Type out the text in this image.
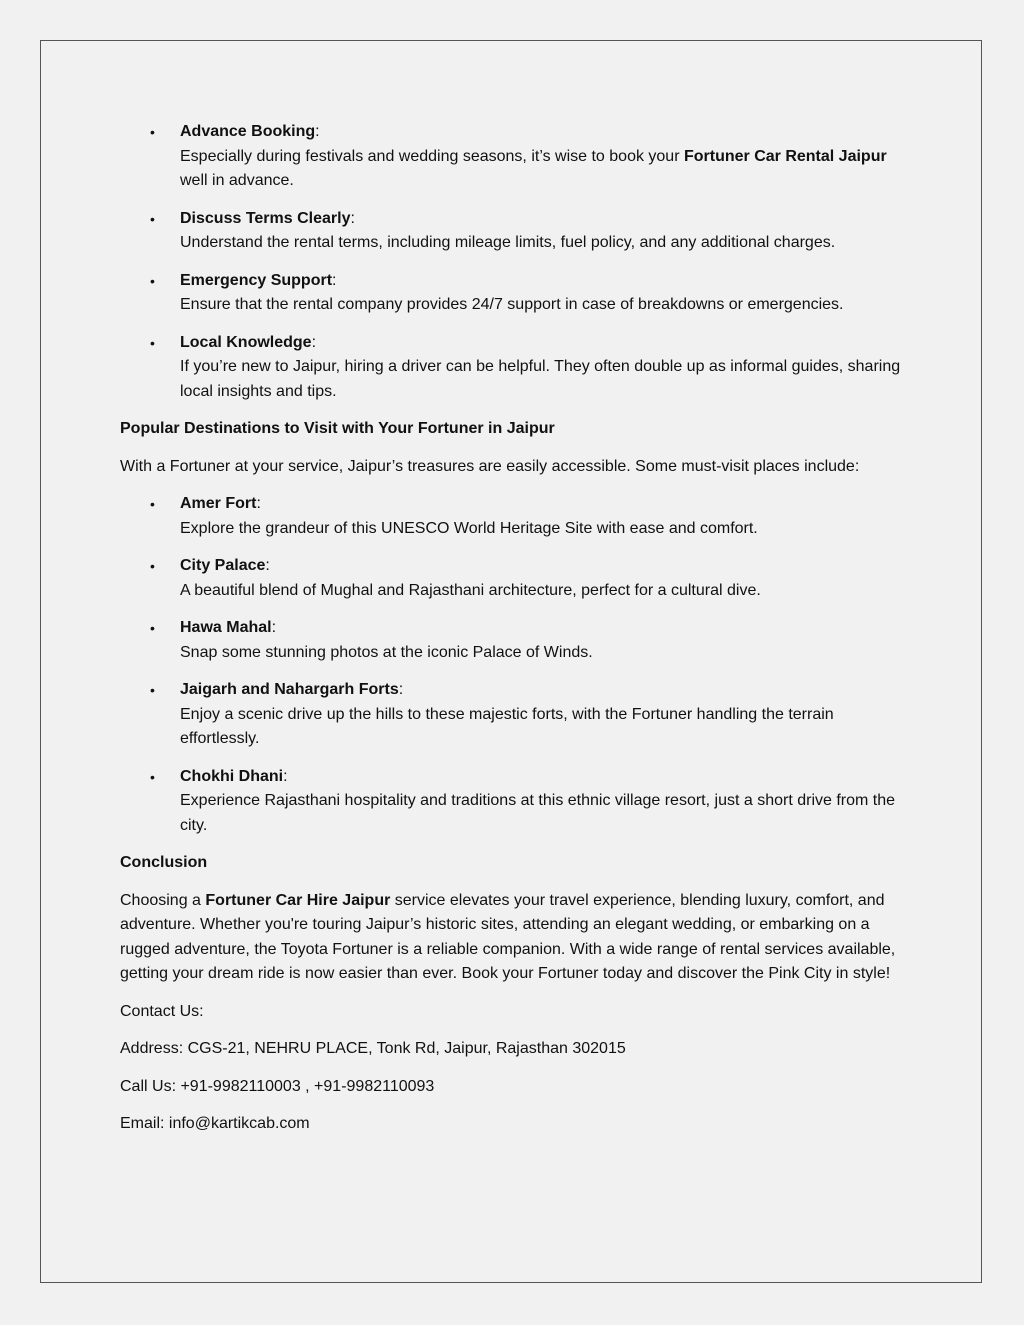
• Advance Booking:
Especially during festivals and wedding seasons, it’s wise to book your Fortuner Car Rental Jaipur well in advance.
• Discuss Terms Clearly:
Understand the rental terms, including mileage limits, fuel policy, and any additional charges.
• Emergency Support:
Ensure that the rental company provides 24/7 support in case of breakdowns or emergencies.
• Local Knowledge:
If you’re new to Jaipur, hiring a driver can be helpful. They often double up as informal guides, sharing local insights and tips.
Popular Destinations to Visit with Your Fortuner in Jaipur

With a Fortuner at your service, Jaipur’s treasures are easily accessible. Some must-visit places include:

• Amer Fort:
Explore the grandeur of this UNESCO World Heritage Site with ease and comfort.
• City Palace:
A beautiful blend of Mughal and Rajasthani architecture, perfect for a cultural dive.
• Hawa Mahal:
Snap some stunning photos at the iconic Palace of Winds.
• Jaigarh and Nahargarh Forts:
Enjoy a scenic drive up the hills to these majestic forts, with the Fortuner handling the terrain effortlessly.
• Chokhi Dhani:
Experience Rajasthani hospitality and traditions at this ethnic village resort, just a short drive from the city.
Conclusion

Choosing a Fortuner Car Hire Jaipur service elevates your travel experience, blending luxury, comfort, and adventure. Whether you're touring Jaipur’s historic sites, attending an elegant wedding, or embarking on a rugged adventure, the Toyota Fortuner is a reliable companion. With a wide range of rental services available, getting your dream ride is now easier than ever. Book your Fortuner today and discover the Pink City in style!

Contact Us:

Address: CGS-21, NEHRU PLACE, Tonk Rd, Jaipur, Rajasthan 302015

Call Us: +91-9982110003 , +91-9982110093

Email: info@kartikcab.com
